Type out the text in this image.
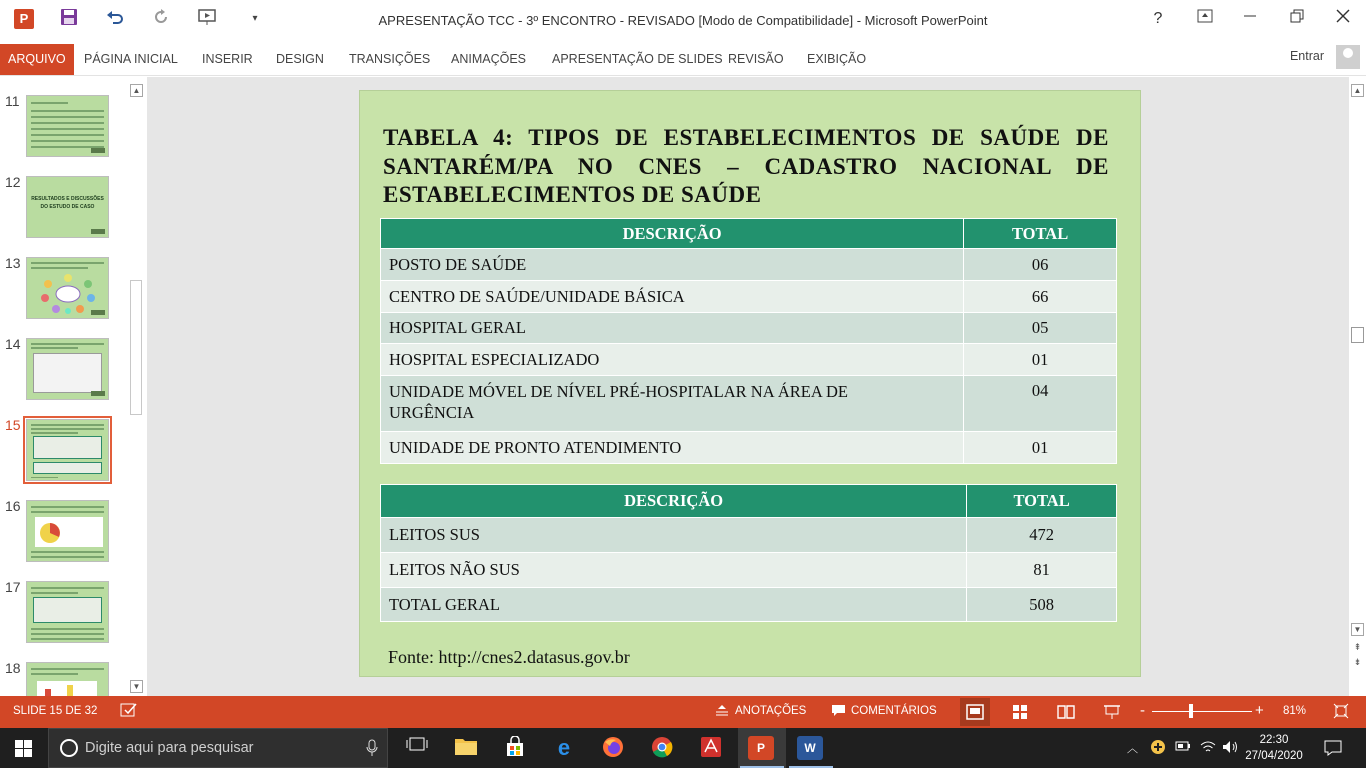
P	▾	APRESENTAÇÃO TCC - 3º ENCONTRO - REVISADO [Modo de Compatibilidade] - Microsoft PowerPoint	?
ARQUIVO	PÁGINA INICIAL	INSERIR	DESIGN	TRANSIÇÕES	ANIMAÇÕES	APRESENTAÇÃO DE SLIDES REVISÃO	EXIBIÇÃO	Entrar
11
12
RESULTADOS E DISCUSSÕES DO ESTUDO DE CASO
13
14
15
16
17
18
▲
▼
TABELA 4: TIPOS DE ESTABELECIMENTOS DE SAÚDE DE
SANTARÉM/PA NO CNES – CADASTRO NACIONAL DE
ESTABELECIMENTOS DE SAÚDE
DESCRIÇÃO	TOTAL
POSTO DE SAÚDE	06
CENTRO DE SAÚDE/UNIDADE BÁSICA	66
HOSPITAL GERAL	05
HOSPITAL ESPECIALIZADO	01
UNIDADE MÓVEL DE NÍVEL PRÉ-HOSPITALAR NA ÁREA DE URGÊNCIA	04
UNIDADE DE PRONTO ATENDIMENTO	01
DESCRIÇÃO	TOTAL
LEITOS SUS	472
LEITOS NÃO SUS	81
TOTAL GERAL	508
Fonte: http://cnes2.datasus.gov.br
▲
▼
⇞
⇟
SLIDE 15 DE 32	ANOTAÇÕES	COMENTÁRIOS	-	+ 81%
Digite aqui para pesquisar	e	P	W	︿
22:30
27/04/2020
